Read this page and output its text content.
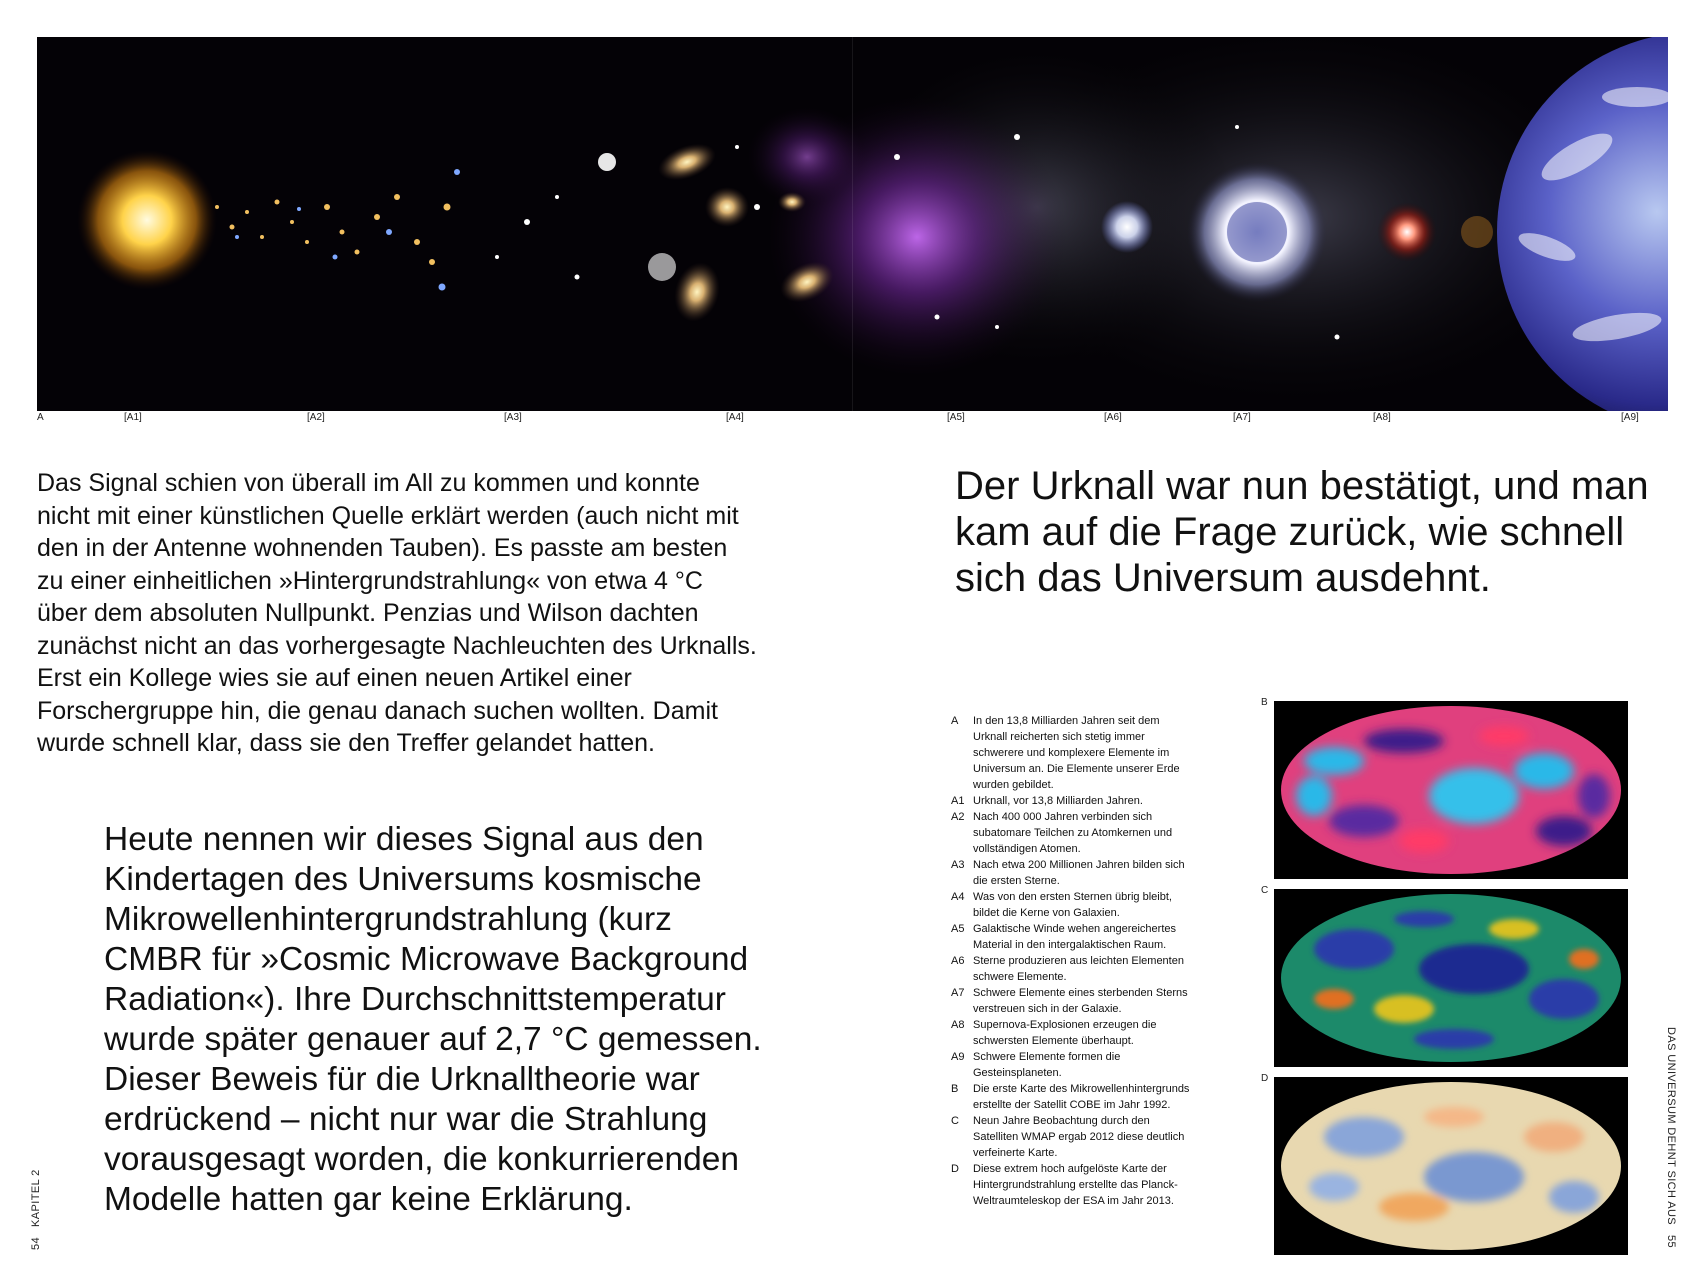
A	[A1]	[A2]	[A3]	[A4]	[A5]	[A6]	[A7]	[A8]	[A9]

Das Signal schien von überall im All zu kommen und konnte nicht mit einer künstlichen Quelle erklärt werden (auch nicht mit den in der Antenne wohnenden Tauben). Es passte am besten zu einer einheitlichen »Hintergrundstrahlung« von etwa 4 °C über dem absoluten Nullpunkt. Penzias und Wilson dachten zunächst nicht an das vorhergesagte Nachleuchten des Urknalls. Erst ein Kollege wies sie auf einen neuen Artikel einer Forschergruppe hin, die genau danach suchen wollten. Damit wurde schnell klar, dass sie den Treffer gelandet hatten.

Heute nennen wir dieses Signal aus den Kindertagen des Universums kosmische Mikrowellenhintergrundstrahlung (kurz CMBR für »Cosmic Microwave Background Radiation«). Ihre Durchschnittstemperatur wurde später genauer auf 2,7 °C gemessen. Dieser Beweis für die Urknalltheorie war erdrückend – nicht nur war die Strahlung vorausgesagt worden, die konkurrierenden Modelle hatten gar keine Erklärung.

54KAPITEL 2

Der Urknall war nun bestätigt, und man kam auf die Frage zurück, wie schnell sich das Universum ausdehnt.

A	In den 13,8 Milliarden Jahren seit dem Urknall reicherten sich stetig immer schwerere und komplexere Elemente im Universum an. Die Elemente unserer Erde wurden gebildet.
A1 Urknall, vor 13,8 Milliarden Jahren.
A2 Nach 400 000 Jahren verbinden sich subatomare Teilchen zu Atomkernen und vollständigen Atomen.
A3 Nach etwa 200 Millionen Jahren bilden sich die ersten Sterne.
A4 Was von den ersten Sternen übrig bleibt, bildet die Kerne von Galaxien.
A5 Galaktische Winde wehen angereichertes Material in den intergalaktischen Raum.
A6 Sterne produzieren aus leichten Elementen schwere Elemente.
A7 Schwere Elemente eines sterbenden Sterns verstreuen sich in der Galaxie.
A8 Supernova-Explosionen erzeugen die schwersten Elemente überhaupt.
A9 Schwere Elemente formen die Gesteinsplaneten.
B	Die erste Karte des Mikrowellenhintergrunds erstellte der Satellit COBE im Jahr 1992.
C	Neun Jahre Beobachtung durch den Satelliten WMAP ergab 2012 diese deutlich verfeinerte Karte.
D	Diese extrem hoch aufgelöste Karte der Hintergrundstrahlung erstellte das Planck-Weltraumteleskop der ESA im Jahr 2013.
B
C
D	DAS UNIVERSUM DEHNT SICH AUS55
